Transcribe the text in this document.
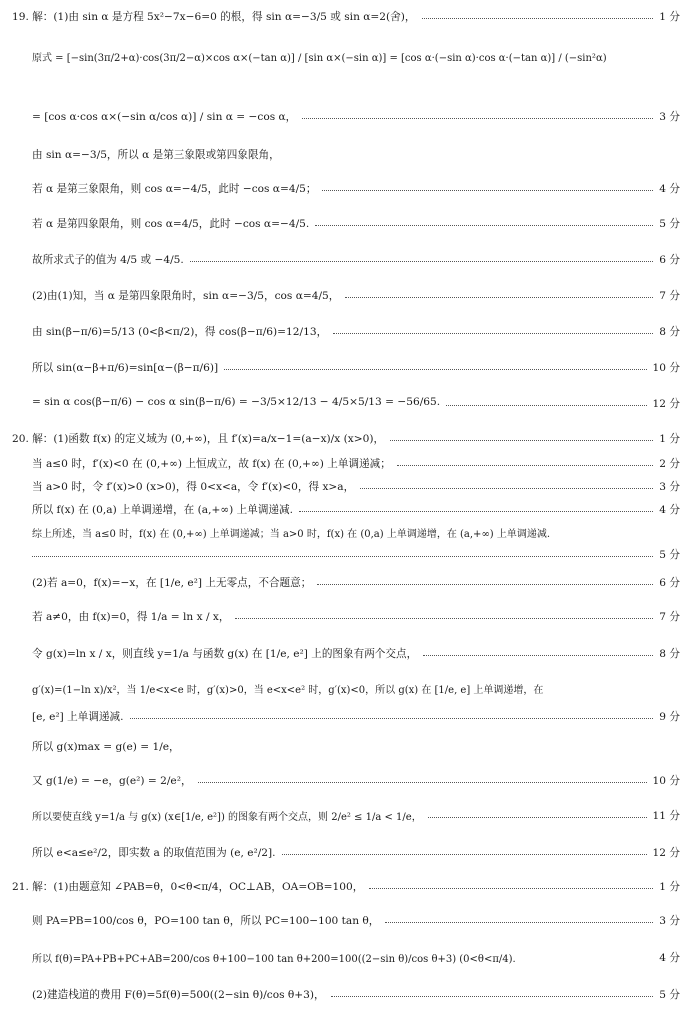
19. 解：(1)由 sin α 是方程 5x²−7x−6=0 的根，得 sin α=−3/5 或 sin α=2(舍)，	1 分
原式 = [−sin(3π/2+α)·cos(3π/2−α)×cos α×(−tan α)] / [sin α×(−sin α)] = [cos α·(−sin α)·cos α·(−tan α)] / (−sin²α)
= [cos α·cos α×(−sin α/cos α)] / sin α = −cos α，	3 分
由 sin α=−3/5，所以 α 是第三象限或第四象限角，
若 α 是第三象限角，则 cos α=−4/5，此时 −cos α=4/5；	4 分
若 α 是第四象限角，则 cos α=4/5，此时 −cos α=−4/5.	5 分
故所求式子的值为 4/5 或 −4/5.	6 分
(2)由(1)知，当 α 是第四象限角时，sin α=−3/5，cos α=4/5，	7 分
由 sin(β−π/6)=5/13 (0<β<π/2)，得 cos(β−π/6)=12/13，	8 分
所以 sin(α−β+π/6)=sin[α−(β−π/6)]	10 分
= sin α cos(β−π/6) − cos α sin(β−π/6) = −3/5×12/13 − 4/5×5/13 = −56/65.	12 分
20. 解：(1)函数 f(x) 的定义域为 (0,+∞)，且 f′(x)=a/x−1=(a−x)/x (x>0)，	1 分
当 a≤0 时，f′(x)<0 在 (0,+∞) 上恒成立，故 f(x) 在 (0,+∞) 上单调递减；	2 分
当 a>0 时，令 f′(x)>0 (x>0)，得 0<x<a，令 f′(x)<0，得 x>a，	3 分
所以 f(x) 在 (0,a) 上单调递增，在 (a,+∞) 上单调递减.	4 分
综上所述，当 a≤0 时，f(x) 在 (0,+∞) 上单调递减；当 a>0 时，f(x) 在 (0,a) 上单调递增，在 (a,+∞) 上单调递减.
5 分
(2)若 a=0，f(x)=−x，在 [1/e, e²] 上无零点，不合题意；	6 分
若 a≠0，由 f(x)=0，得 1/a = ln x / x，	7 分
令 g(x)=ln x / x，则直线 y=1/a 与函数 g(x) 在 [1/e, e²] 上的图象有两个交点，	8 分
g′(x)=(1−ln x)/x²，当 1/e<x<e 时，g′(x)>0，当 e<x<e² 时，g′(x)<0，所以 g(x) 在 [1/e, e] 上单调递增，在
[e, e²] 上单调递减.	9 分
所以 g(x)max = g(e) = 1/e，
又 g(1/e) = −e，g(e²) = 2/e²，	10 分
所以要使直线 y=1/a 与 g(x) (x∈[1/e, e²]) 的图象有两个交点，则 2/e² ≤ 1/a < 1/e，	11 分
所以 e<a≤e²/2，即实数 a 的取值范围为 (e, e²/2].	12 分
21. 解：(1)由题意知 ∠PAB=θ，0<θ<π/4，OC⊥AB，OA=OB=100，	1 分
则 PA=PB=100/cos θ，PO=100 tan θ，所以 PC=100−100 tan θ，	3 分
所以 f(θ)=PA+PB+PC+AB=200/cos θ+100−100 tan θ+200=100((2−sin θ)/cos θ+3) (0<θ<π/4).	4 分
(2)建造栈道的费用 F(θ)=5f(θ)=500((2−sin θ)/cos θ+3)，	5 分
